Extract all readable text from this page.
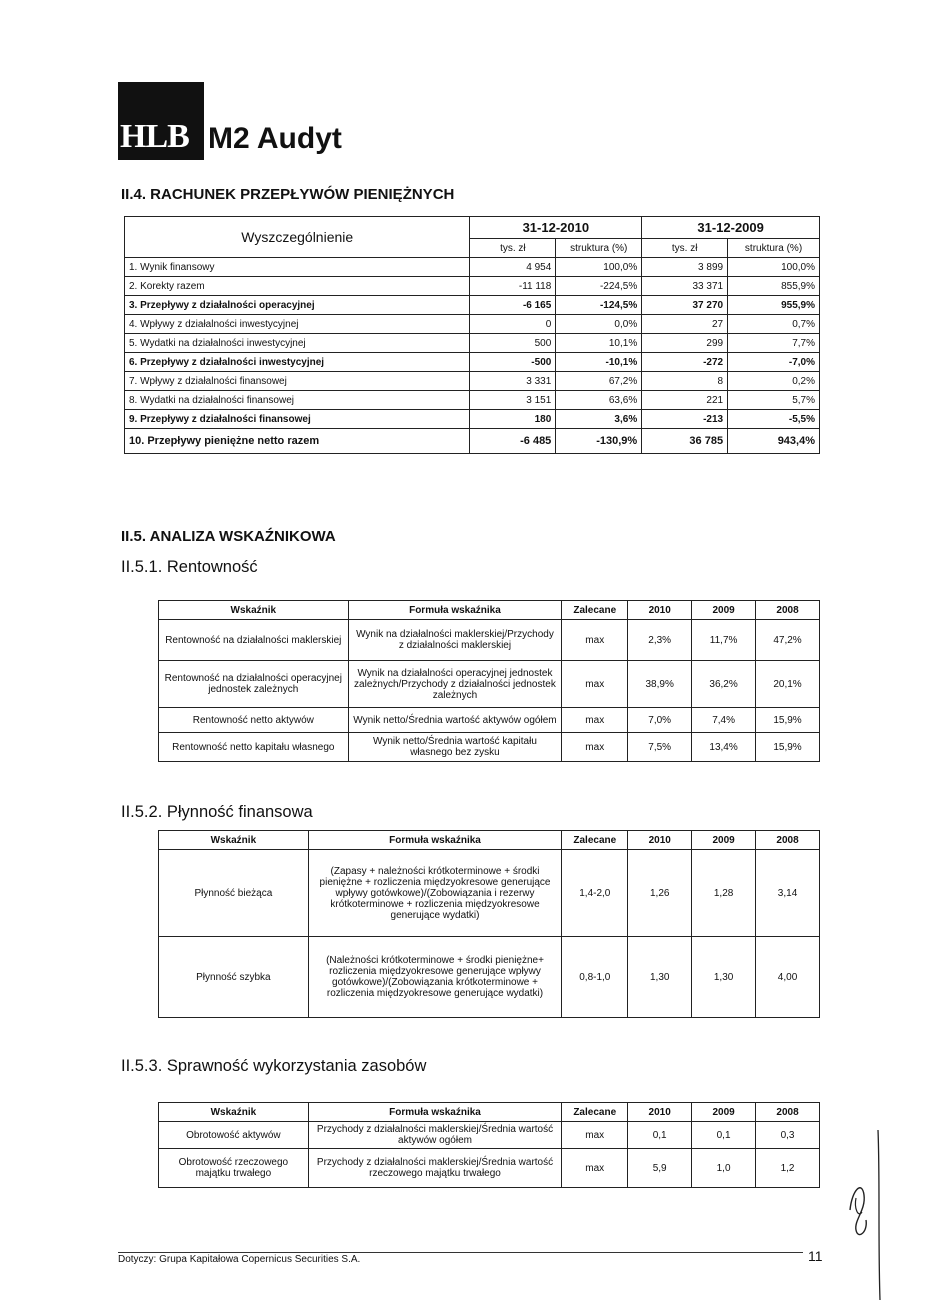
HLB M2 Audyt
II.4. RACHUNEK PRZEPŁYWÓW PIENIĘŻNYCH
Wyszczególnienie	31-12-2010		31-12-2009	
	tys. zł	struktura (%)	tys. zł	struktura (%)
1. Wynik finansowy	4 954	100,0%	3 899	100,0%
2. Korekty razem	-11 118	-224,5%	33 371	855,9%
3. Przepływy z działalności operacyjnej	-6 165	-124,5%	37 270	955,9%
4. Wpływy z działalności inwestycyjnej	0	0,0%	27	0,7%
5. Wydatki na działalności inwestycyjnej	500	10,1%	299	7,7%
6. Przepływy z działalności inwestycyjnej	-500	-10,1%	-272	-7,0%
7. Wpływy z działalności finansowej	3 331	67,2%	8	0,2%
8. Wydatki na działalności finansowej	3 151	63,6%	221	5,7%
9. Przepływy z działalności finansowej	180	3,6%	-213	-5,5%
10. Przepływy pieniężne netto razem	-6 485	-130,9%	36 785	943,4%
II.5. ANALIZA WSKAŹNIKOWA
II.5.1. Rentowność
Wskaźnik	Formuła wskaźnika	Zalecane	2010	2009	2008
Rentowność na działalności maklerskiej	Wynik na działalności maklerskiej/Przychody z działalności maklerskiej	max	2,3%	11,7%	47,2%
Rentowność na działalności operacyjnej jednostek zależnych	Wynik na działalności operacyjnej jednostek zależnych/Przychody z działalności jednostek zależnych	max	38,9%	36,2%	20,1%
Rentowność netto aktywów	Wynik netto/Średnia wartość aktywów ogółem	max	7,0%	7,4%	15,9%
Rentowność netto kapitału własnego	Wynik netto/Średnia wartość kapitału własnego bez zysku	max	7,5%	13,4%	15,9%
II.5.2. Płynność finansowa
Wskaźnik	Formuła wskaźnika	Zalecane	2010	2009	2008
Płynność bieżąca	(Zapasy + należności krótkoterminowe + środki pieniężne + rozliczenia międzyokresowe generujące wpływy gotówkowe)/(Zobowiązania i rezerwy krótkoterminowe + rozliczenia międzyokresowe generujące wydatki)	1,4-2,0	1,26	1,28	3,14
Płynność szybka	(Należności krótkoterminowe + środki pieniężne+ rozliczenia międzyokresowe generujące wpływy gotówkowe)/(Zobowiązania krótkoterminowe + rozliczenia międzyokresowe generujące wydatki)	0,8-1,0	1,30	1,30	4,00
II.5.3. Sprawność wykorzystania zasobów
Wskaźnik	Formuła wskaźnika	Zalecane	2010	2009	2008
Obrotowość aktywów	Przychody z działalności maklerskiej/Średnia wartość aktywów ogółem	max	0,1	0,1	0,3
Obrotowość rzeczowego majątku trwałego	Przychody z działalności maklerskiej/Średnia wartość rzeczowego majątku trwałego	max	5,9	1,0	1,2
Dotyczy: Grupa Kapitałowa Copernicus Securities S.A.	11
